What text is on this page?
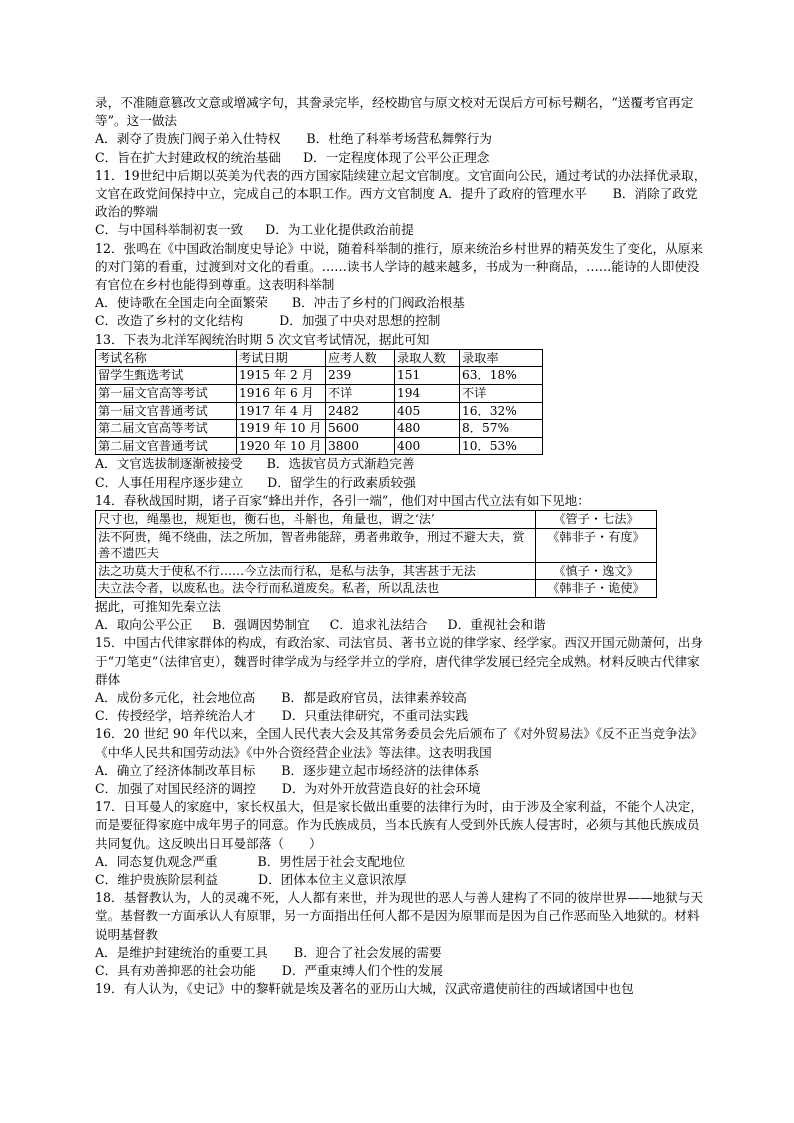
录，不准随意篡改文意或增减字句，其誊录完毕，经校勘官与原文校对无误后方可标号糊名，“送覆考官再定等”。这一做法

A．剥夺了贵族门阀子弟入仕特权 B．杜绝了科举考场营私舞弊行为

C．旨在扩大封建政权的统治基础 D．一定程度体现了公平公正理念

11．19世纪中后期以英美为代表的西方国家陆续建立起文官制度。文官面向公民，通过考试的办法择优录取，文官在政党间保持中立，完成自己的本职工作。西方文官制度 A．提升了政府的管理水平 B．消除了政党政治的弊端

C．与中国科举制初衷一致 D．为工业化提供政治前提

12．张鸣在《中国政治制度史导论》中说，随着科举制的推行，原来统治乡村世界的精英发生了变化，从原来的对门第的看重，过渡到对文化的看重。……读书人学诗的越来越多，书成为一种商品，……能诗的人即使没有官位在乡村也能得到尊重。这表明科举制

A．使诗歌在全国走向全面繁荣 B．冲击了乡村的门阀政治根基

C．改造了乡村的文化结构	D．加强了中央对思想的控制

13．下表为北洋军阀统治时期 5 次文官考试情况，据此可知

考试名称	考试日期	应考人数	录取人数	录取率
留学生甄选考试	1915 年 2 月	239	151	63．18%
第一届文官高等考试	1916 年 6 月	不详	194	不详
第一届文官普通考试	1917 年 4 月	2482	405	16．32%
第二届文官高等考试	1919 年 10 月	5600	480	8．57%
第二届文官普通考试	1920 年 10 月	3800	400	10．53%

A．文官选拔制逐渐被接受 B．选拔官员方式渐趋完善

C．人事任用程序逐步建立 D．留学生的行政素质较强

14．春秋战国时期，诸子百家“蜂出并作，各引一端”，他们对中国古代立法有如下见地：

尺寸也，绳墨也，规矩也，衡石也，斗斛也，角量也，谓之‘法’	《管子・七法》
法不阿贵，绳不绕曲，法之所加，智者弗能辞，勇者弗敢争，刑过不避大夫，赏善不遗匹夫	《韩非子・有度》
法之功莫大于使私不行……今立法而行私，是私与法争，其害甚于无法	《慎子・逸文》
夫立法令者，以废私也。法令行而私道废矣。私者，所以乱法也	《韩非子・诡使》

据此，可推知先秦立法

A．取向公平公正 B．强调因势制宜 C．追求礼法结合 D．重视社会和谐

15．中国古代律家群体的构成，有政治家、司法官员、著书立说的律学家、经学家。西汉开国元勋萧何，出身于“刀笔吏”（法律官吏），魏晋时律学成为与经学并立的学府，唐代律学发展已经完全成熟。材料反映古代律家群体

A．成份多元化，社会地位高 B．都是政府官员，法律素养较高

C．传授经学，培养统治人才 D．只重法律研究，不重司法实践

16．20 世纪 90 年代以来，全国人民代表大会及其常务委员会先后颁布了《对外贸易法》《反不正当竞争法》《中华人民共和国劳动法》《中外合资经营企业法》等法律。这表明我国

A．确立了经济体制改革目标 B．逐步建立起市场经济的法律体系

C．加强了对国民经济的调控 D．为对外开放营造良好的社会环境

17．日耳曼人的家庭中，家长权虽大，但是家长做出重要的法律行为时，由于涉及全家利益，不能个人决定，而是要征得家庭中成年男子的同意。作为氏族成员，当本氏族有人受到外氏族人侵害时，必须与其他氏族成员共同复仇。这反映出日耳曼部落（　　）

A．同态复仇观念严重	B．男性居于社会支配地位

C．维护贵族阶层利益	D．团体本位主义意识浓厚

18．基督教认为，人的灵魂不死，人人都有来世，并为现世的恶人与善人建构了不同的彼岸世界——地狱与天堂。基督教一方面承认人有原罪，另一方面指出任何人都不是因为原罪而是因为自己作恶而坠入地狱的。材料说明基督教

A．是维护封建统治的重要工具 B．迎合了社会发展的需要

C．具有劝善抑恶的社会功能 D．严重束缚人们个性的发展

19．有人认为，《史记》中的黎靬就是埃及著名的亚历山大城，汉武帝遣使前往的西域诸国中也包
